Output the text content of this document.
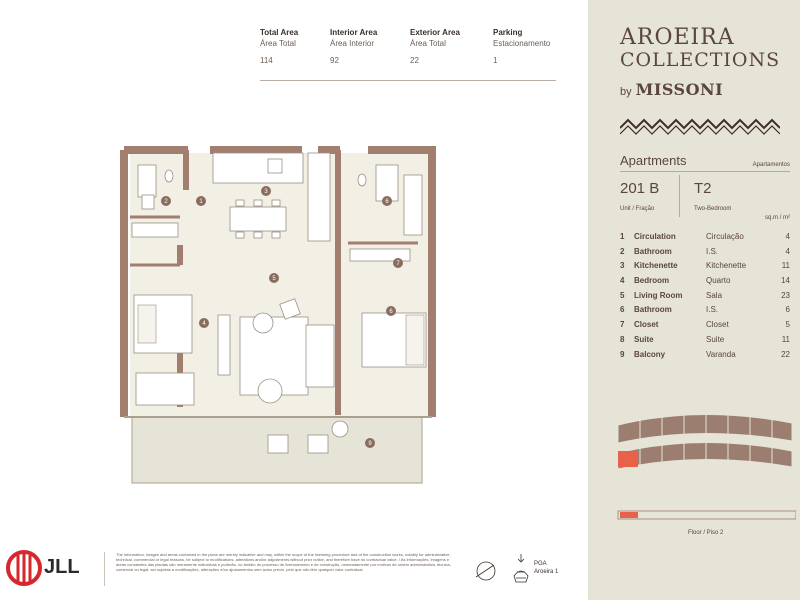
Total Area
Área Total
114
Interior Area
Área Interior
92
Exterior Area
Área Total
22
Parking
Estacionamento
1
1
2
3
4
5
6
6
7
9
AROEIRA
COLLECTIONS
by MISSONI
Apartments	Apartamentos
201 B
Unit / Fração
T2
Two-Bedroom
sq.m / m²
1 Circulation	Circulação	4
2 Bathroom	I.S.	4
3 Kitchenette	Kitchenette	11
4 Bedroom	Quarto	14
5 Living Room	Sala	23
6 Bathroom	I.S.	6
7 Closet	Closet	5
8 Suite	Suite	11
9 Balcony	Varanda	22
Floor / Piso 2
JLL
The information, images and areas contained in the plans are merely indicative and may, within the scope of the licensing procedure and of the construction works, notably for administrative, technical, commercial or legal reasons, be subject to modifications, alterations and/or adjustments without prior notice, and therefore have no contractual value. / As informações, imagens e áreas constantes das plantas são meramente indicativas e poderão, no âmbito do processo de licenciamento e de construção, nomeadamente por motivos de ordem administrativa, técnica, comercial ou legal, ser sujeitas a modificações, alterações e/ou ajustamentos sem aviso prévio, pelo que não têm qualquer valor contratual.
PGA
Aroeira 1
